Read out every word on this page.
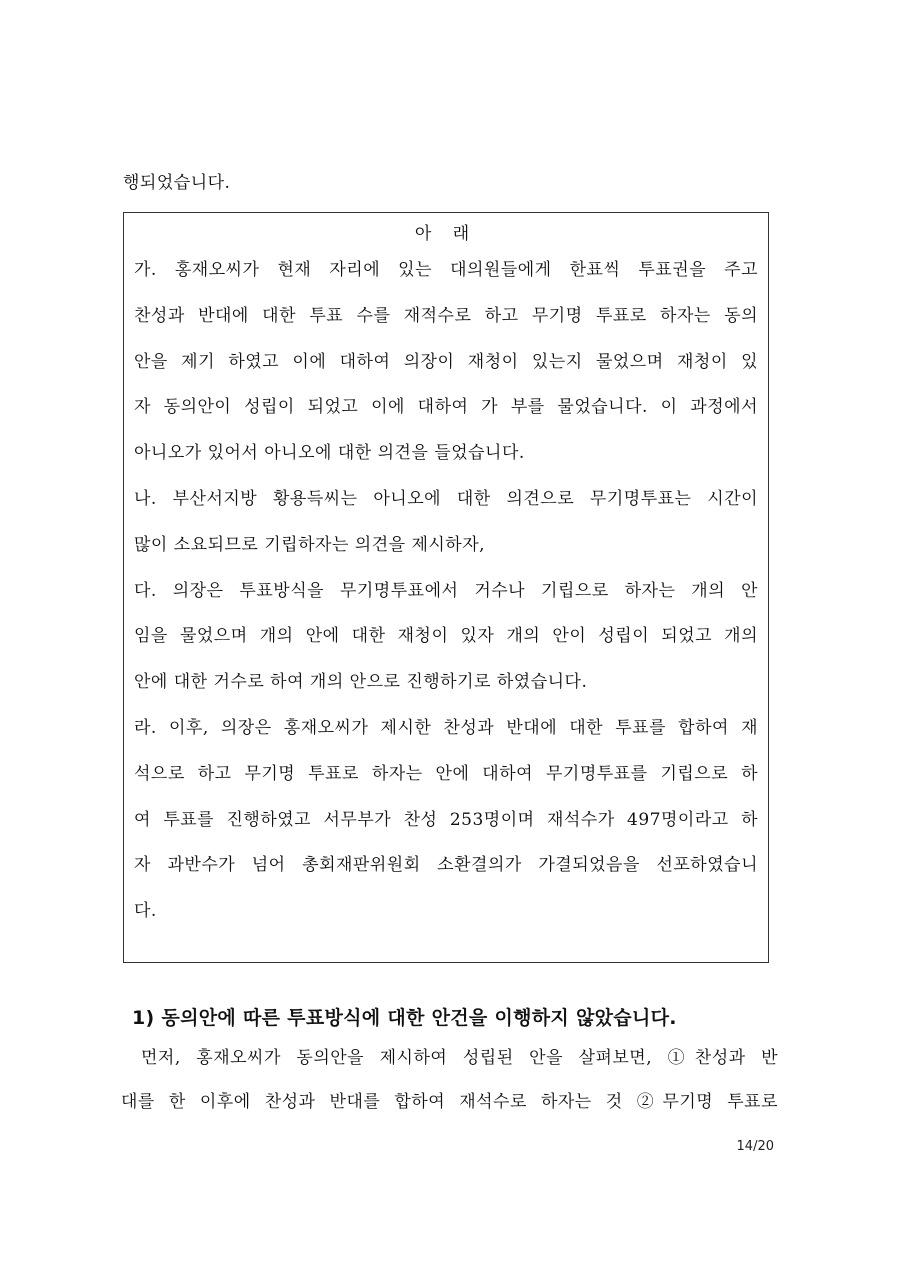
행되었습니다.
아 래
가. 홍재오씨가 현재 자리에 있는 대의원들에게 한표씩 투표권을 주고
찬성과 반대에 대한 투표 수를 재적수로 하고 무기명 투표로 하자는 동의
안을 제기 하였고 이에 대하여 의장이 재청이 있는지 물었으며 재청이 있
자 동의안이 성립이 되었고 이에 대하여 가 부를 물었습니다. 이 과정에서
아니오가 있어서 아니오에 대한 의견을 들었습니다.
나. 부산서지방 황용득씨는 아니오에 대한 의견으로 무기명투표는 시간이
많이 소요되므로 기립하자는 의견을 제시하자,
다. 의장은 투표방식을 무기명투표에서 거수나 기립으로 하자는 개의 안
임을 물었으며 개의 안에 대한 재청이 있자 개의 안이 성립이 되었고 개의
안에 대한 거수로 하여 개의 안으로 진행하기로 하였습니다.
라. 이후, 의장은 홍재오씨가 제시한 찬성과 반대에 대한 투표를 합하여 재
석으로 하고 무기명 투표로 하자는 안에 대하여 무기명투표를 기립으로 하
여 투표를 진행하였고 서무부가 찬성 253명이며 재석수가 497명이라고 하
자 과반수가 넘어 총회재판위원회 소환결의가 가결되었음을 선포하였습니
다.
1) 동의안에 따른 투표방식에 대한 안건을 이행하지 않았습니다.
먼저, 홍재오씨가 동의안을 제시하여 성립된 안을 살펴보면, ①찬성과 반
대를 한 이후에 찬성과 반대를 합하여 재석수로 하자는 것 ②무기명 투표로
14/20
